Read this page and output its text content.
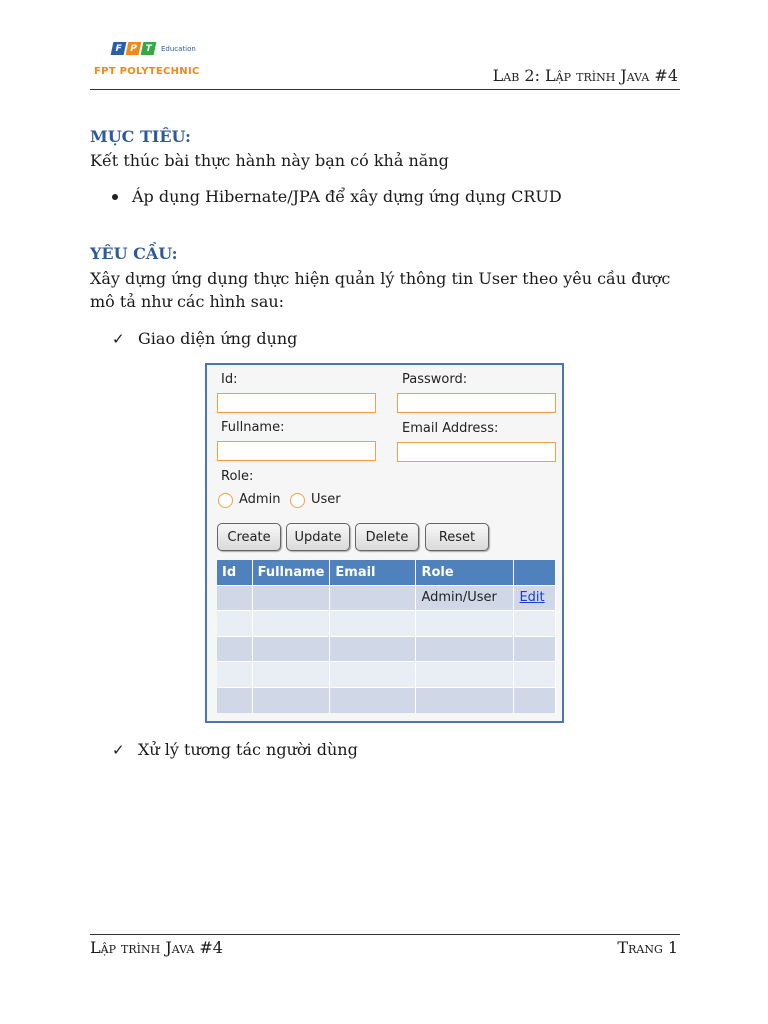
F P T	Education
FPT POLYTECHNIC	Lab 2: Lập trình Java #4
MỤC TIÊU:
Kết thúc bài thực hành này bạn có khả năng
Áp dụng Hibernate/JPA để xây dựng ứng dụng CRUD
YÊU CẦU:
Xây dựng ứng dụng thực hiện quản lý thông tin User theo yêu cầu được mô tả như các hình sau:
✓ Giao diện ứng dụng
Id:	Password:
Fullname:	Email Address:
Role:
Admin User
Create	Update	Delete	Reset
Id	Fullname	Email	Role	
			Admin/User	Edit

✓ Xử lý tương tác người dùng
Lập trình Java #4	Trang 1
